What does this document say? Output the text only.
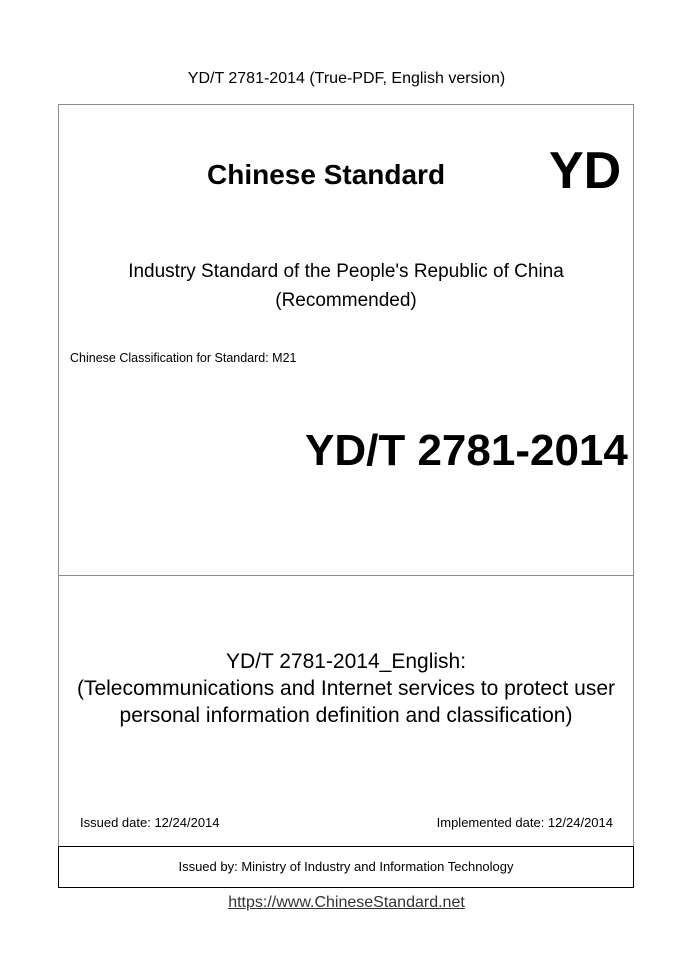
YD/T 2781-2014 (True-PDF, English version)
Chinese Standard YD
Industry Standard of the People's Republic of China
(Recommended)
Chinese Classification for Standard: M21
YD/T 2781-2014
YD/T 2781-2014_English:
(Telecommunications and Internet services to protect user
personal information definition and classification)
Issued date: 12/24/2014	Implemented date: 12/24/2014
Issued by: Ministry of Industry and Information Technology
https://www.ChineseStandard.net
